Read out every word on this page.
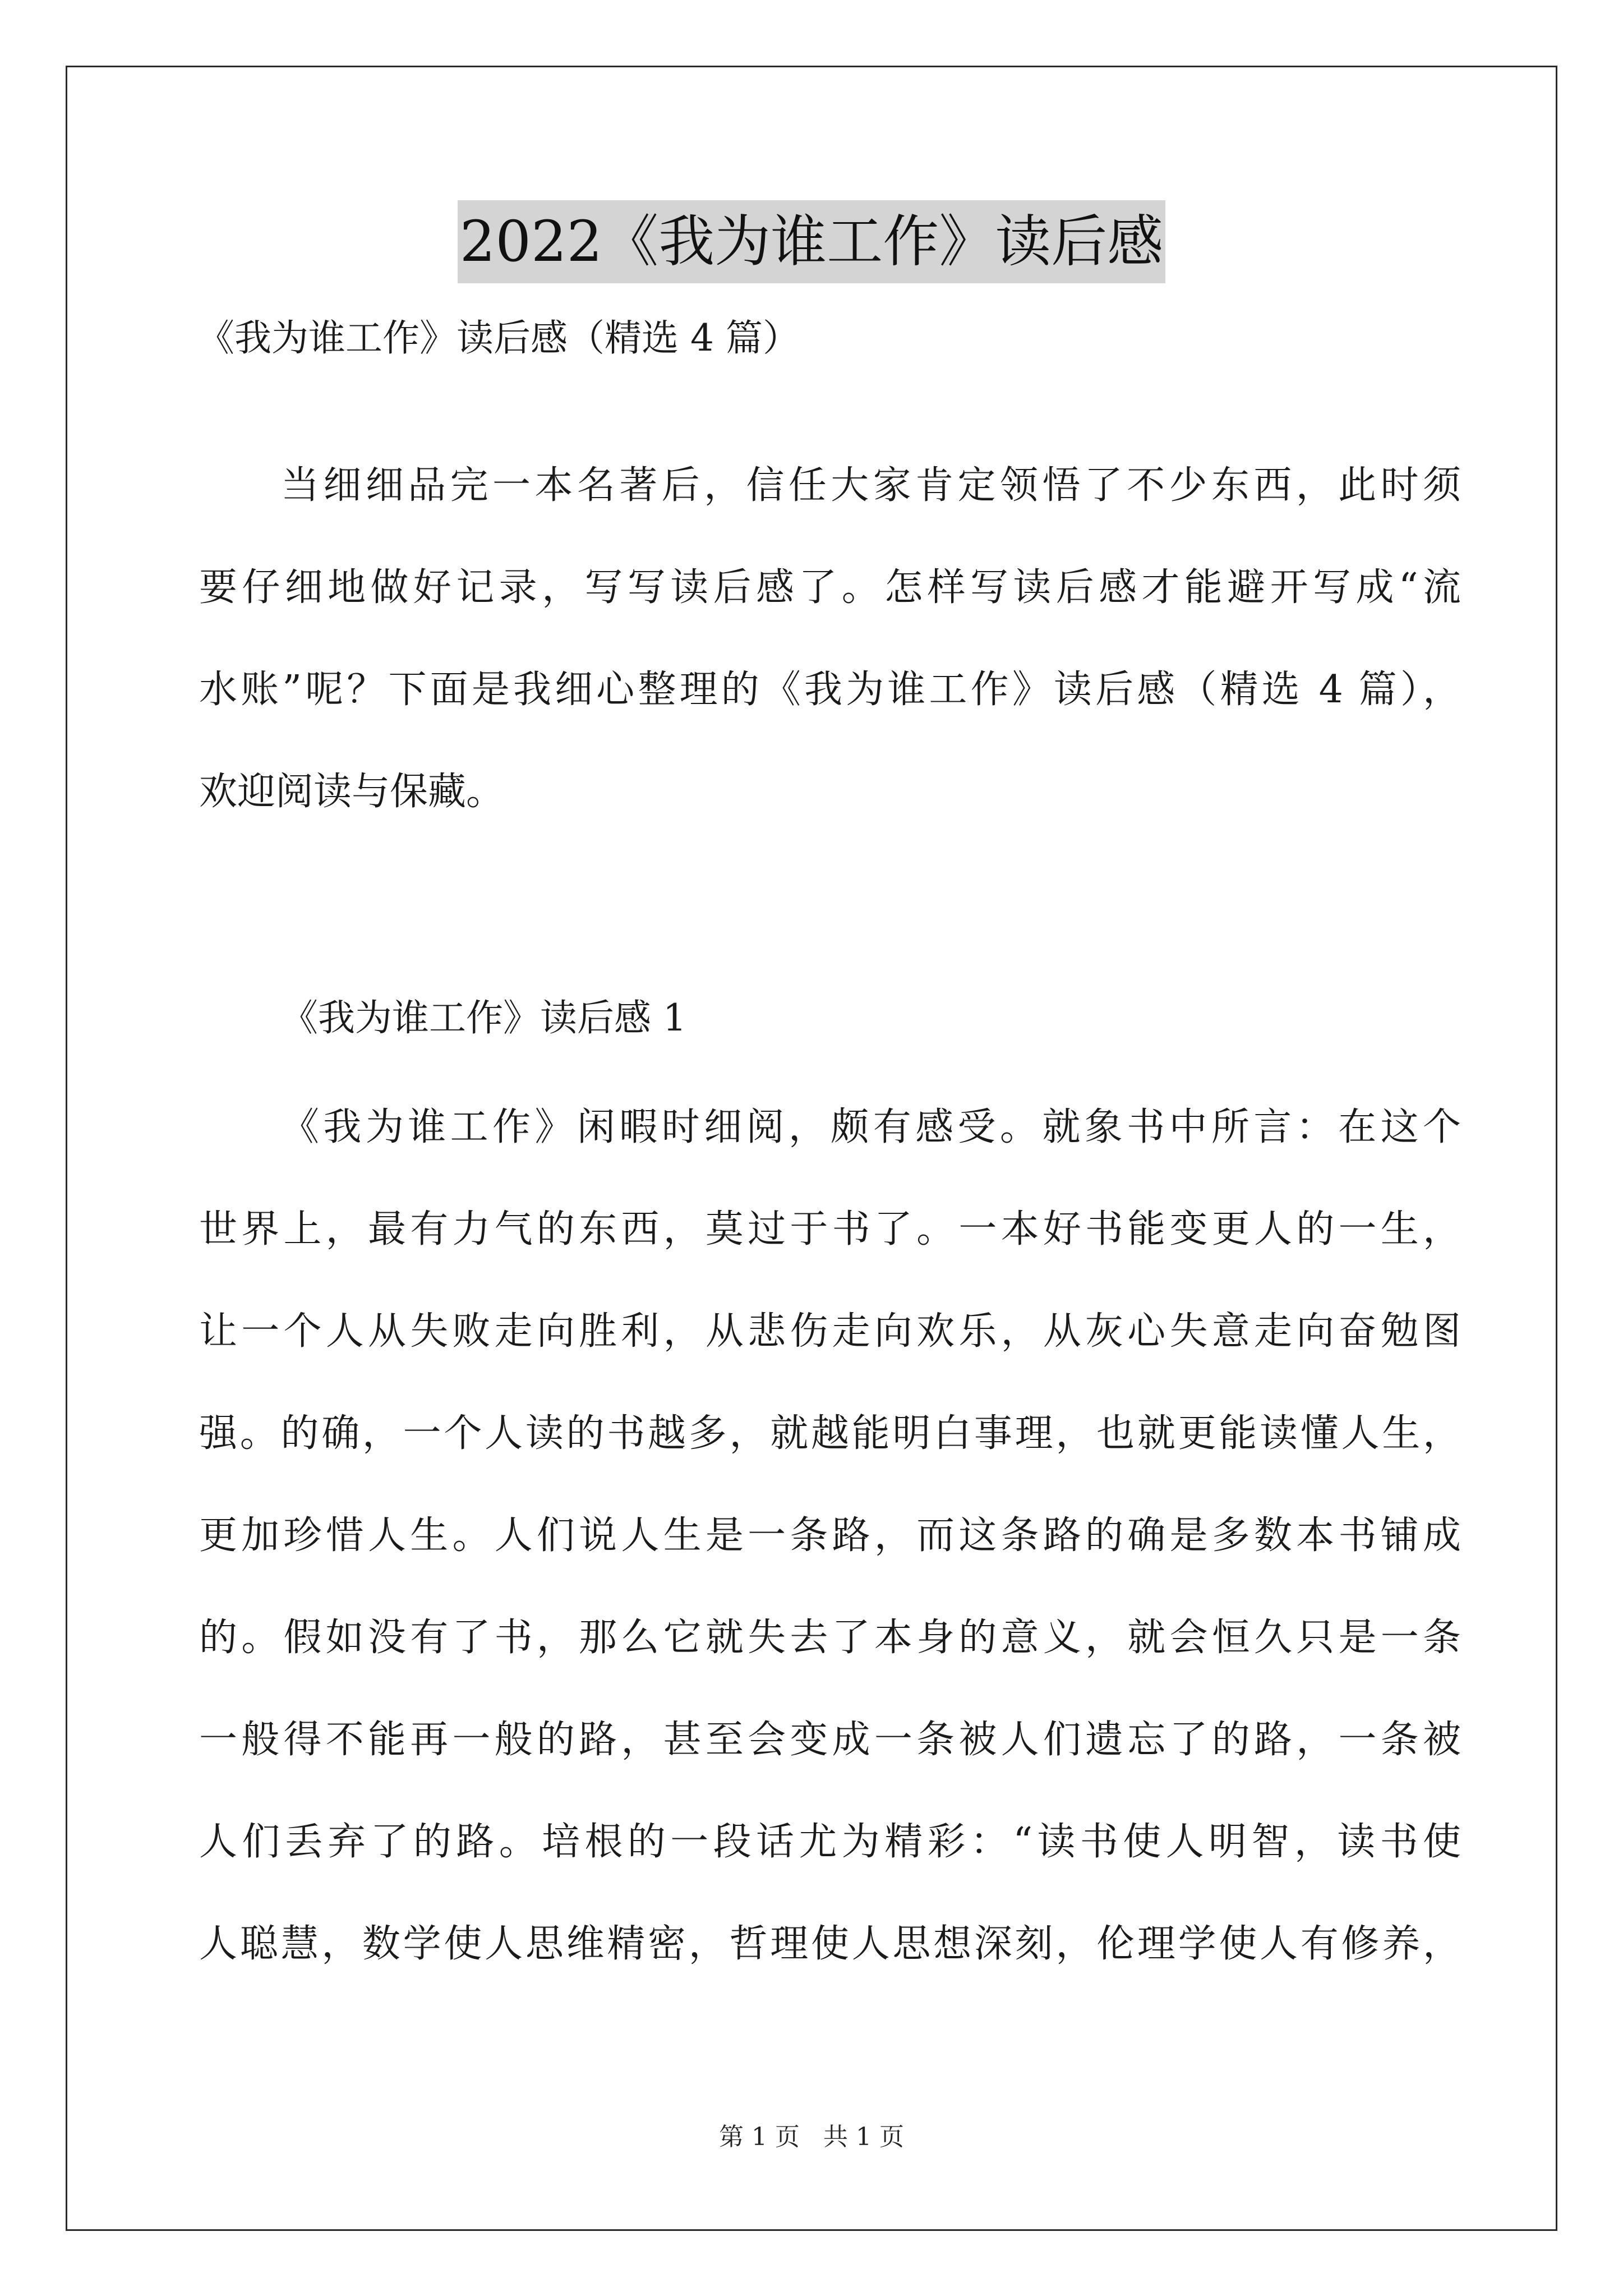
2022《我为谁工作》读后感
《我为谁工作》读后感（精选 4 篇）
当细细品完一本名著后，信任大家肯定领悟了不少东西，此时须
要仔细地做好记录，写写读后感了。怎样写读后感才能避开写成“流
水账”呢？下面是我细心整理的《我为谁工作》读后感（精选 4 篇），
欢迎阅读与保藏。
《我为谁工作》读后感 1
《我为谁工作》闲暇时细阅，颇有感受。就象书中所言：在这个
世界上，最有力气的东西，莫过于书了。一本好书能变更人的一生，
让一个人从失败走向胜利，从悲伤走向欢乐，从灰心失意走向奋勉图
强。的确，一个人读的书越多，就越能明白事理，也就更能读懂人生，
更加珍惜人生。人们说人生是一条路，而这条路的确是多数本书铺成
的。假如没有了书，那么它就失去了本身的意义，就会恒久只是一条
一般得不能再一般的路，甚至会变成一条被人们遗忘了的路，一条被
人们丢弃了的路。培根的一段话尤为精彩：“读书使人明智，读书使
人聪慧，数学使人思维精密，哲理使人思想深刻，伦理学使人有修养，
第 1 页   共 1 页
